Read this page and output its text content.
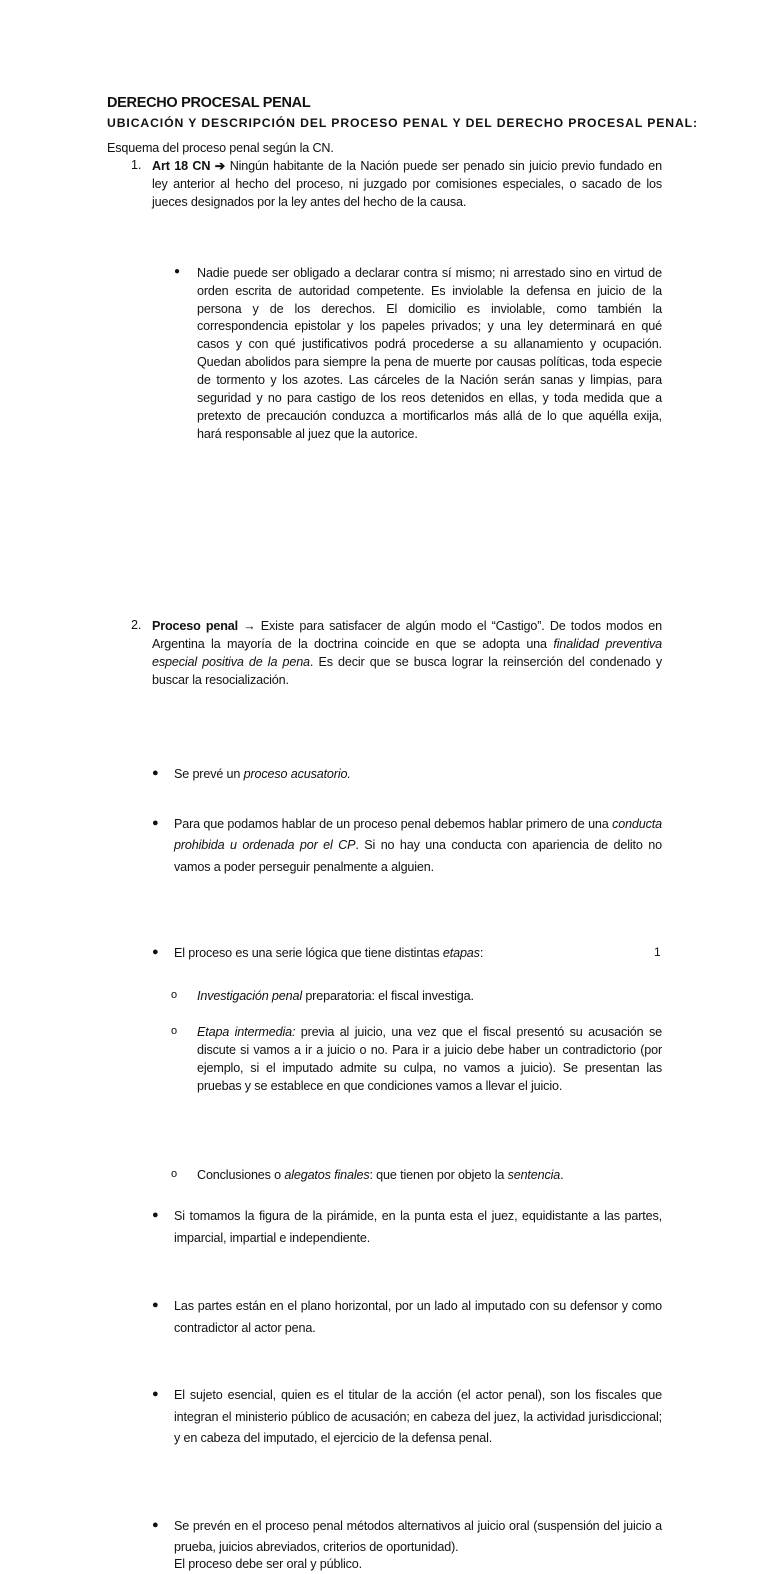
DERECHO PROCESAL PENAL
UBICACIÓN Y DESCRIPCIÓN DEL PROCESO PENAL Y DEL DERECHO PROCESAL PENAL:

Esquema del proceso penal según la CN.

1. Art 18 CN ➔ Ningún habitante de la Nación puede ser penado sin juicio previo fundado en ley anterior al hecho del proceso, ni juzgado por comisiones especiales, o sacado de los jueces designados por la ley antes del hecho de la causa.

●	Nadie puede ser obligado a declarar contra sí mismo; ni arrestado sino en virtud de orden escrita de autoridad competente. Es inviolable la defensa en juicio de la persona y de los derechos. El domicilio es inviolable, como también la correspondencia epistolar y los papeles privados; y una ley determinará en qué casos y con qué justificativos podrá procederse a su allanamiento y ocupación. Quedan abolidos para siempre la pena de muerte por causas políticas, toda especie de tormento y los azotes. Las cárceles de la Nación serán sanas y limpias, para seguridad y no para castigo de los reos detenidos en ellas, y toda medida que a pretexto de precaución conduzca a mortificarlos más allá de lo que aquélla exija, hará responsable al juez que la autorice.

2. Proceso penal → Existe para satisfacer de algún modo el “Castigo”. De todos modos en Argentina la mayoría de la doctrina coincide en que se adopta una finalidad preventiva especial positiva de la pena. Es decir que se busca lograr la reinserción del condenado y buscar la resocialización.

●	Se prevé un proceso acusatorio.

●	Para que podamos hablar de un proceso penal debemos hablar primero de una conducta prohibida u ordenada por el CP. Si no hay una conducta con apariencia de delito no vamos a poder perseguir penalmente a alguien.

●	El proceso es una serie lógica que tiene distintas etapas:

o	Investigación penal preparatoria: el fiscal investiga.

o	Etapa intermedia: previa al juicio, una vez que el fiscal presentó su acusación se discute si vamos a ir a juicio o no. Para ir a juicio debe haber un contradictorio (por ejemplo, si el imputado admite su culpa, no vamos a juicio). Se presentan las pruebas y se establece en que condiciones vamos a llevar el juicio.

o	Conclusiones o alegatos finales: que tienen por objeto la sentencia.

●	Si tomamos la figura de la pirámide, en la punta esta el juez, equidistante a las partes, imparcial, impartial e independiente.

●	Las partes están en el plano horizontal, por un lado al imputado con su defensor y como contradictor al actor pena.

●	El sujeto esencial, quien es el titular de la acción (el actor penal), son los fiscales que integran el ministerio público de acusación; en cabeza del juez, la actividad jurisdiccional; y en cabeza del imputado, el ejercicio de la defensa penal.

●	Se prevén en el proceso penal métodos alternativos al juicio oral (suspensión del juicio a prueba, juicios abreviados, criterios de oportunidad).

El proceso debe ser oral y público.

1
